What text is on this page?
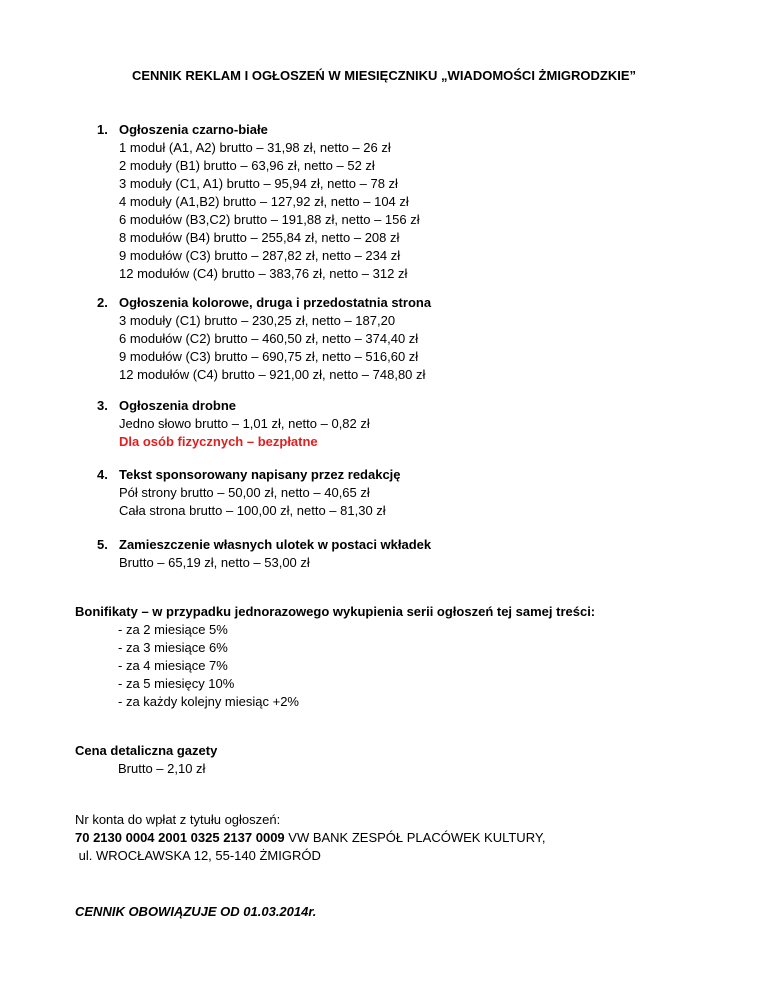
CENNIK REKLAM I OGŁOSZEŃ W MIESIĘCZNIKU „WIADOMOŚCI ŻMIGRODZKIE”
1. Ogłoszenia czarno-białe
1 moduł (A1, A2) brutto – 31,98 zł, netto – 26 zł
2 moduły (B1) brutto – 63,96 zł, netto – 52 zł
3 moduły (C1, A1) brutto – 95,94 zł, netto – 78 zł
4 moduły (A1,B2) brutto – 127,92 zł, netto – 104 zł
6 modułów (B3,C2) brutto – 191,88 zł, netto – 156 zł
8 modułów (B4) brutto – 255,84 zł, netto – 208 zł
9 modułów (C3) brutto – 287,82 zł, netto – 234 zł
12 modułów (C4) brutto – 383,76 zł, netto – 312 zł
2. Ogłoszenia kolorowe, druga i przedostatnia strona
3 moduły (C1) brutto – 230,25 zł, netto – 187,20
6 modułów (C2) brutto – 460,50 zł, netto – 374,40 zł
9 modułów (C3) brutto – 690,75 zł, netto – 516,60 zł
12 modułów (C4) brutto – 921,00 zł, netto – 748,80 zł
3. Ogłoszenia drobne
Jedno słowo brutto – 1,01 zł, netto – 0,82 zł
Dla osób fizycznych – bezpłatne
4. Tekst sponsorowany napisany przez redakcję
Pół strony brutto – 50,00 zł, netto – 40,65 zł
Cała strona brutto – 100,00 zł, netto – 81,30 zł
5. Zamieszczenie własnych ulotek w postaci wkładek
Brutto – 65,19 zł, netto – 53,00 zł
Bonifikaty – w przypadku jednorazowego wykupienia serii ogłoszeń tej samej treści:
- za 2 miesiące 5%
- za 3 miesiące 6%
- za 4 miesiące 7%
- za 5 miesięcy 10%
- za każdy kolejny miesiąc +2%
Cena detaliczna gazety
Brutto – 2,10 zł
Nr konta do wpłat z tytułu ogłoszeń:
70 2130 0004 2001 0325 2137 0009 VW BANK ZESPÓŁ PLACÓWEK KULTURY,
ul. WROCŁAWSKA 12, 55-140 ŻMIGRÓD
CENNIK OBOWIĄZUJE OD 01.03.2014r.
